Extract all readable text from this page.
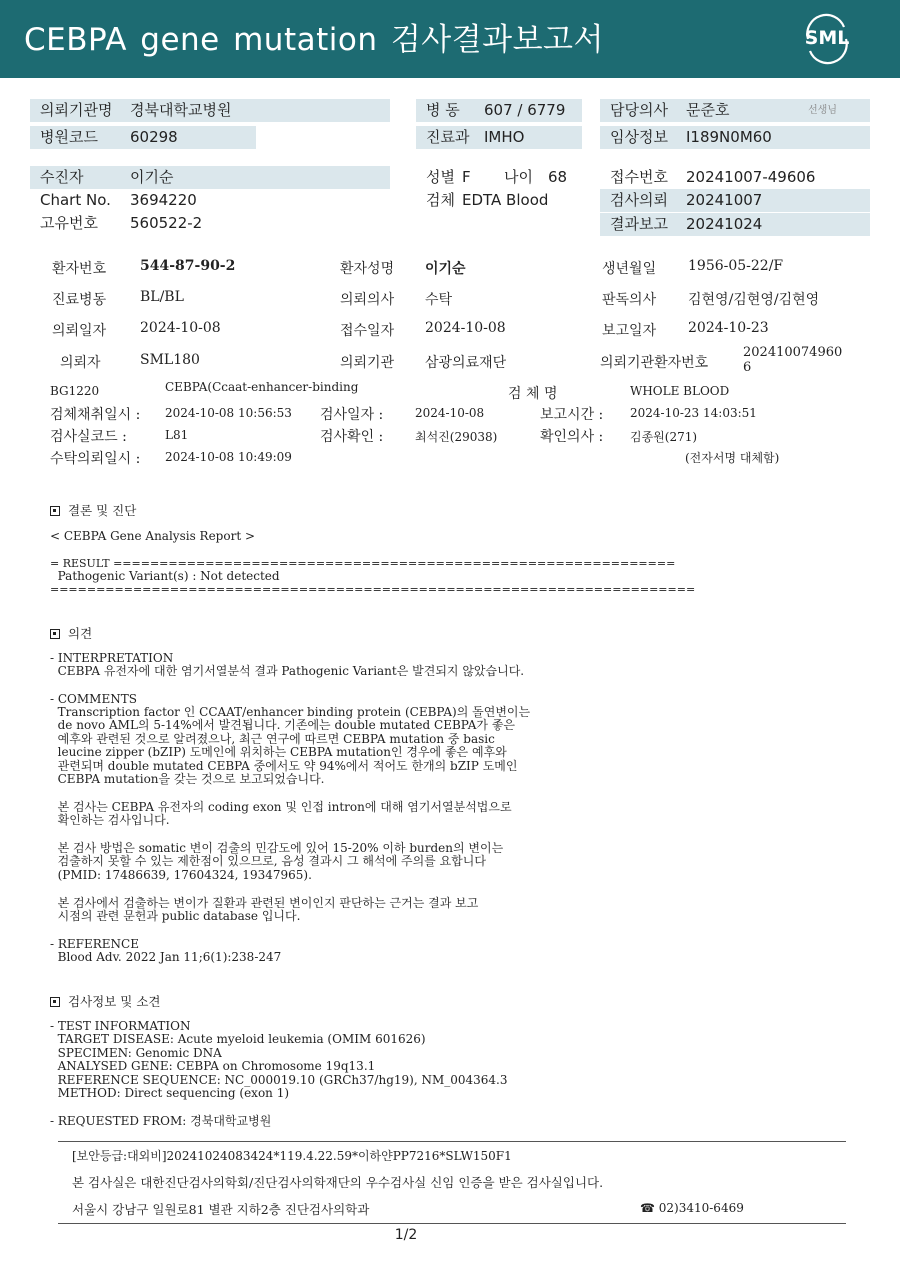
CEBPA gene mutation 검사결과보고서	SML
의뢰기관명 경북대학교병원
병원코드 60298
병 동 607 / 6779
진료과 IMHO
담당의사 문준호	선생님
임상정보 I189N0M60
수진자	이기순
Chart No. 3694220
고유번호 560522-2
성별 F 나이 68
검체 EDTA Blood
접수번호 20241007-49606
검사의뢰 20241007
결과보고 20241024
환자번호 544-87-90-2	환자성명 이기순	생년월일 1956-05-22/F
진료병동 BL/BL	의뢰의사 수탁	판독의사 김현영/김현영/김현영
의뢰일자 2024-10-08	접수일자 2024-10-08	보고일자 2024-10-23
의뢰자	SML180	의뢰기관 삼광의료재단	의뢰기관환자번호
202410074960
6
BG1220	CEBPA(Ccaat-enhancer-binding	검 체 명	WHOLE BLOOD
검체채취일시 : 2024-10-08 10:56:53 검사일자 :	2024-10-08	보고시간 : 2024-10-23 14:03:51
검사실코드 :	L81	검사확인 :	최석진(29038)	확인의사 : 김종원(271)
수탁의뢰일시 : 2024-10-08 10:49:09	(전자서명 대체함)
결론 및 진단
< CEBPA Gene Analysis Report >
= RESULT =============================================================
Pathogenic Variant(s) : Not detected
======================================================================
의견
- INTERPRETATION
CEBPA 유전자에 대한 염기서열분석 결과 Pathogenic Variant은 발견되지 않았습니다.
- COMMENTS
Transcription factor 인 CCAAT/enhancer binding protein (CEBPA)의 돌연변이는
de novo AML의 5-14%에서 발견됩니다. 기존에는 double mutated CEBPA가 좋은
예후와 관련된 것으로 알려졌으나, 최근 연구에 따르면 CEBPA mutation 중 basic
leucine zipper (bZIP) 도메인에 위치하는 CEBPA mutation인 경우에 좋은 예후와
관련되며 double mutated CEBPA 중에서도 약 94%에서 적어도 한개의 bZIP 도메인
CEBPA mutation을 갖는 것으로 보고되었습니다.
본 검사는 CEBPA 유전자의 coding exon 및 인접 intron에 대해 염기서열분석법으로
확인하는 검사입니다.
본 검사 방법은 somatic 변이 검출의 민감도에 있어 15-20% 이하 burden의 변이는
검출하지 못할 수 있는 제한점이 있으므로, 음성 결과시 그 해석에 주의를 요합니다
(PMID: 17486639, 17604324, 19347965).
본 검사에서 검출하는 변이가 질환과 관련된 변이인지 판단하는 근거는 결과 보고
시점의 관련 문헌과 public database 입니다.
- REFERENCE
Blood Adv. 2022 Jan 11;6(1):238-247
검사정보 및 소견
- TEST INFORMATION
TARGET DISEASE: Acute myeloid leukemia (OMIM 601626)
SPECIMEN: Genomic DNA
ANALYSED GENE: CEBPA on Chromosome 19q13.1
REFERENCE SEQUENCE: NC_000019.10 (GRCh37/hg19), NM_004364.3
METHOD: Direct sequencing (exon 1)
- REQUESTED FROM: 경북대학교병원
[보안등급:대외비]20241024083424*119.4.22.59*이하얀PP7216*SLW150F1
본 검사실은 대한진단검사의학회/진단검사의학재단의 우수검사실 신임 인증을 받은 검사실입니다.
서울시 강남구 일원로81 별관 지하2층 진단검사의학과	☎ 02)3410-6469
1/2
